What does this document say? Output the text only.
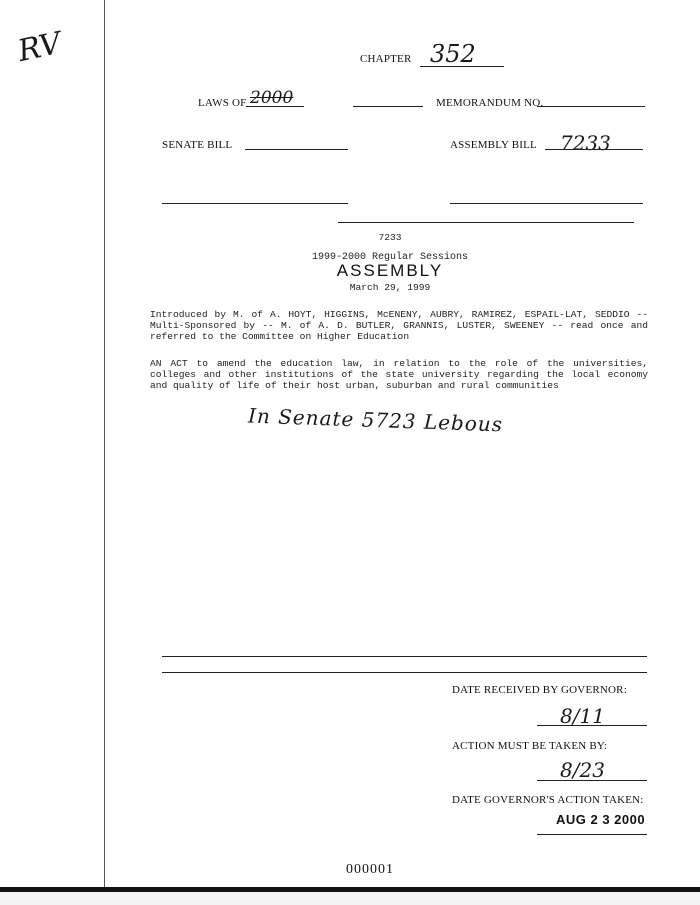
RV	CHAPTER 352
LAWS OF 2000	MEMORANDUM NO.
SENATE BILL	ASSEMBLY BILL 7233
7233
1999-2000 Regular Sessions
ASSEMBLY
March 29, 1999
Introduced by M. of A. HOYT, HIGGINS, McENENY, AUBRY, RAMIREZ, ESPAIL-LAT, SEDDIO -- Multi-Sponsored by -- M. of A. D. BUTLER, GRANNIS, LUSTER, SWEENEY -- read once and referred to the Committee on Higher Education
AN ACT to amend the education law, in relation to the role of the universities, colleges and other institutions of the state university regarding the local economy and quality of life of their host urban, suburban and rural communities
In Senate 5723 Lebous
DATE RECEIVED BY GOVERNOR:
8/11
ACTION MUST BE TAKEN BY:
8/23
DATE GOVERNOR'S ACTION TAKEN:
AUG 2 3 2000
000001
